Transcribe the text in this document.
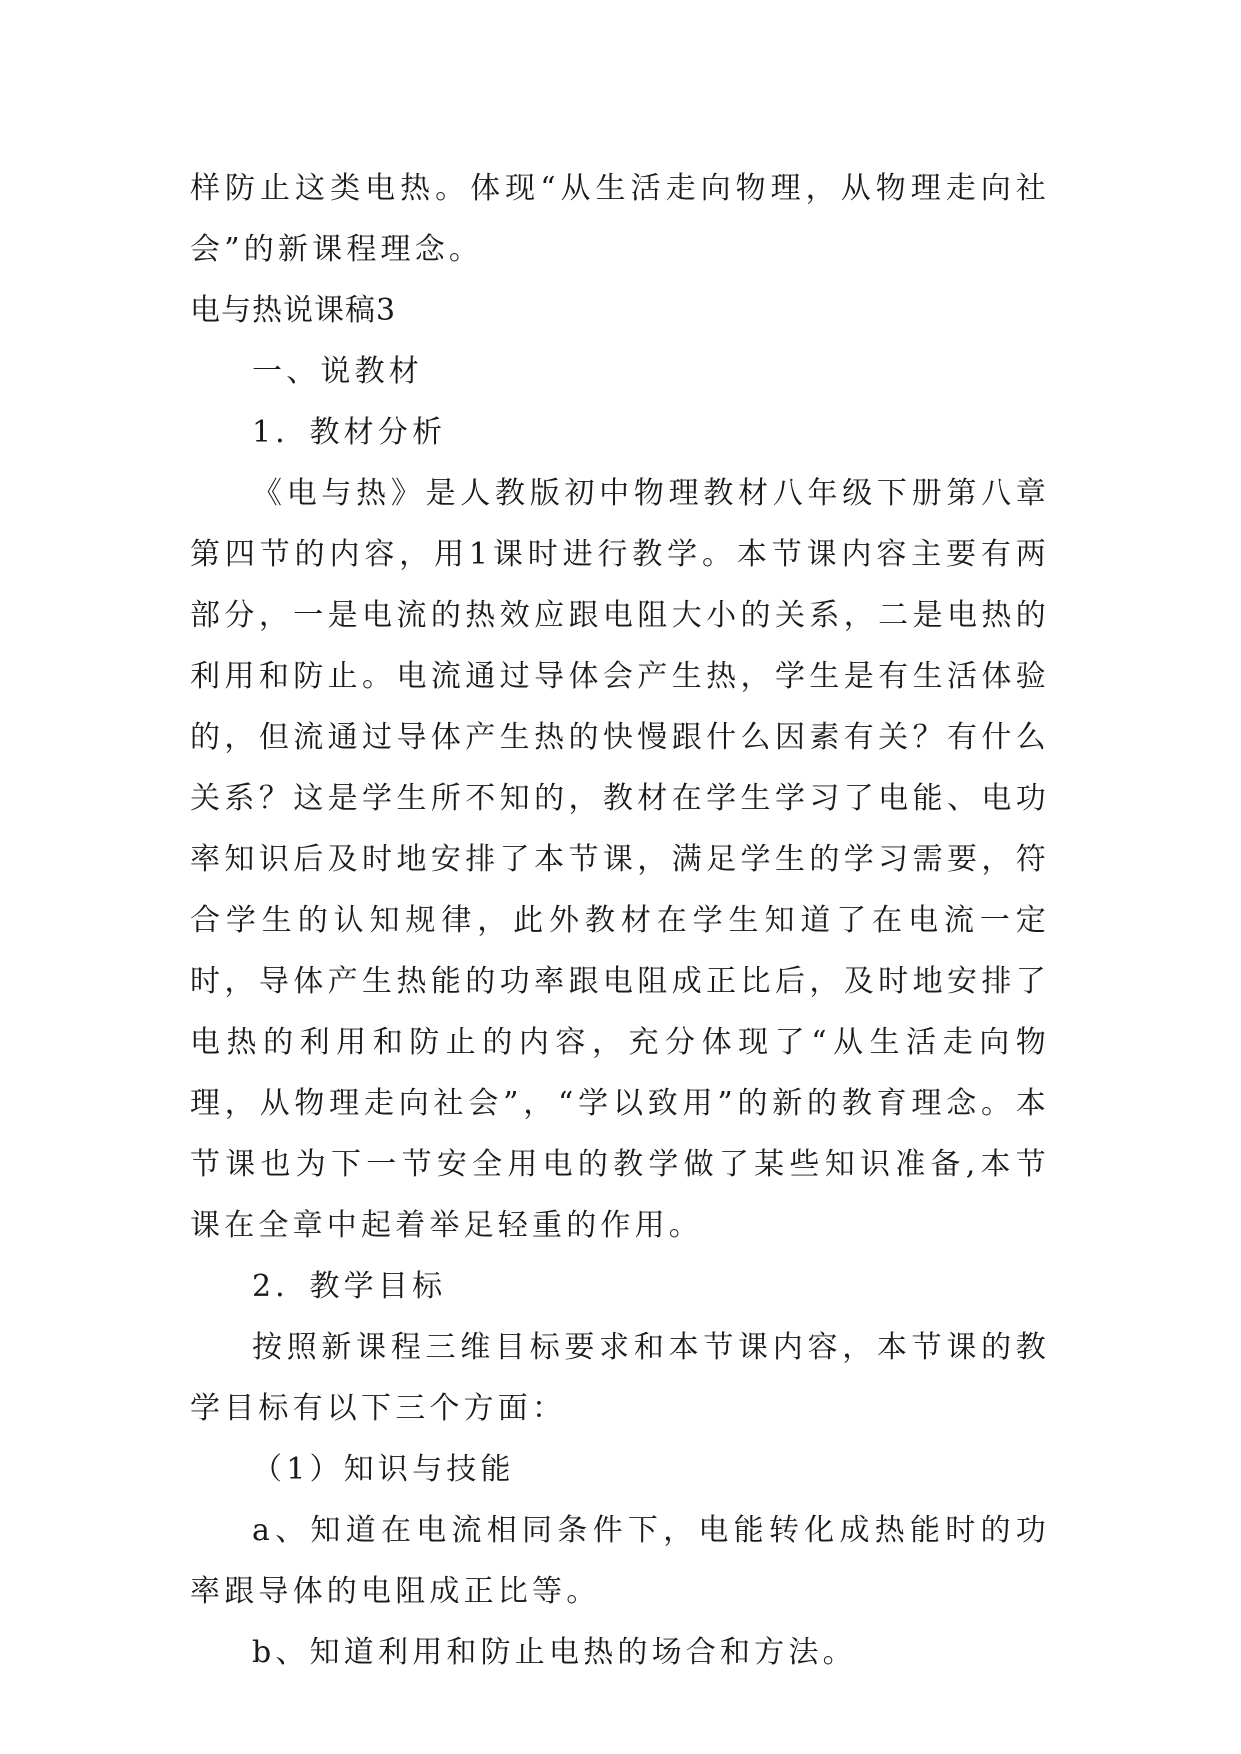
样防止这类电热。体现“从生活走向物理，从物理走向社会”的新课程理念。

电与热说课稿3

一、说教材

1．教材分析

《电与热》是人教版初中物理教材八年级下册第八章第四节的内容，用1课时进行教学。本节课内容主要有两部分，一是电流的热效应跟电阻大小的关系，二是电热的利用和防止。电流通过导体会产生热，学生是有生活体验的，但流通过导体产生热的快慢跟什么因素有关？有什么关系？这是学生所不知的，教材在学生学习了电能、电功率知识后及时地安排了本节课，满足学生的学习需要，符合学生的认知规律，此外教材在学生知道了在电流一定时，导体产生热能的功率跟电阻成正比后，及时地安排了电热的利用和防止的内容，充分体现了“从生活走向物理，从物理走向社会”，“学以致用”的新的教育理念。本节课也为下一节安全用电的教学做了某些知识准备,本节课在全章中起着举足轻重的作用。

2．教学目标

按照新课程三维目标要求和本节课内容，本节课的教学目标有以下三个方面：

（1）知识与技能

a、知道在电流相同条件下，电能转化成热能时的功率跟导体的电阻成正比等。

b、知道利用和防止电热的场合和方法。
